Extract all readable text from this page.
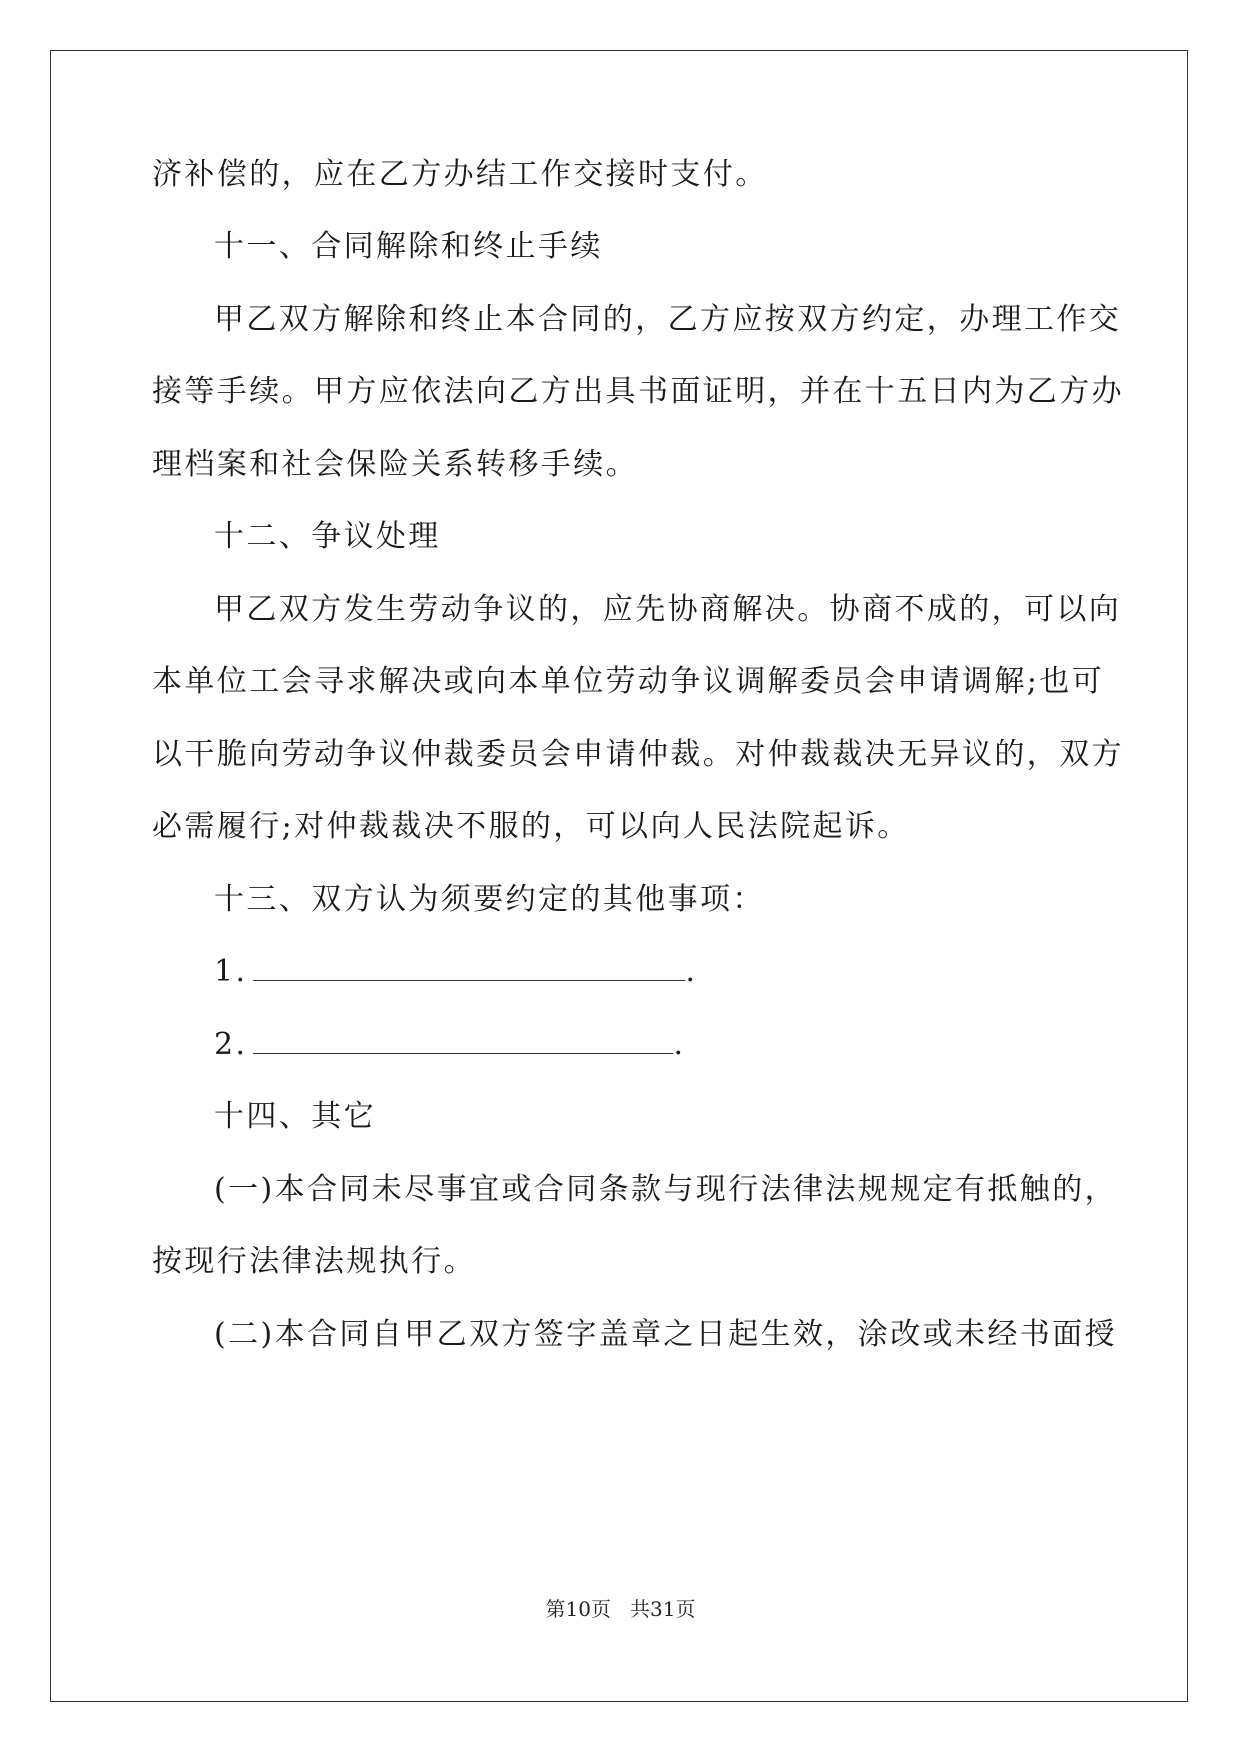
济补偿的，应在乙方办结工作交接时支付。
十一、合同解除和终止手续
甲乙双方解除和终止本合同的，乙方应按双方约定，办理工作交
接等手续。甲方应依法向乙方出具书面证明，并在十五日内为乙方办
理档案和社会保险关系转移手续。
十二、争议处理
甲乙双方发生劳动争议的，应先协商解决。协商不成的，可以向
本单位工会寻求解决或向本单位劳动争议调解委员会申请调解;也可
以干脆向劳动争议仲裁委员会申请仲裁。对仲裁裁决无异议的，双方
必需履行;对仲裁裁决不服的，可以向人民法院起诉。
十三、双方认为须要约定的其他事项：
1.	.
2.	.
十四、其它
(一)本合同未尽事宜或合同条款与现行法律法规规定有抵触的，
按现行法律法规执行。
(二)本合同自甲乙双方签字盖章之日起生效，涂改或未经书面授
第10页 共31页
